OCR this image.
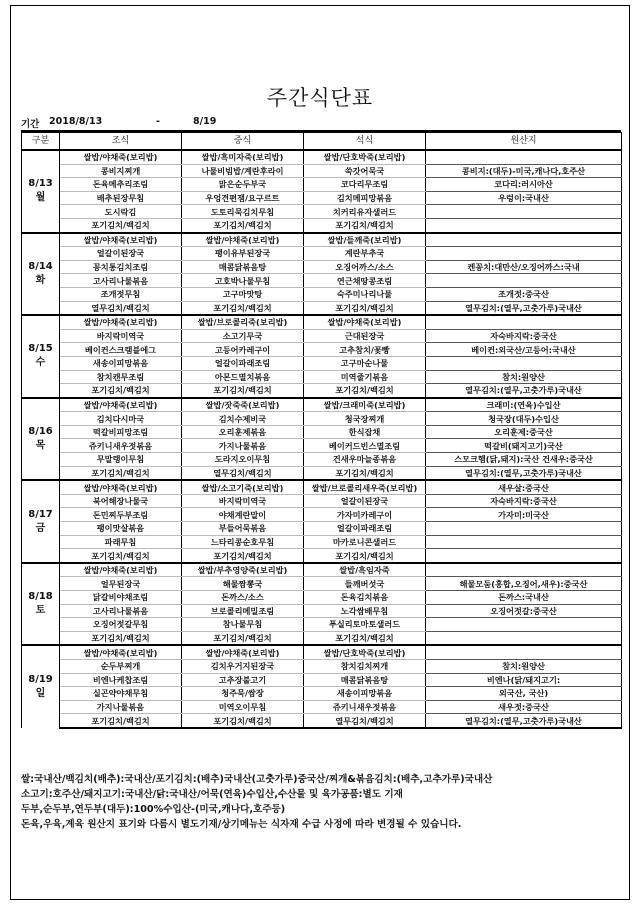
주간식단표
기간 2018/8/13	-	8/19
구분	조식	중식	석식	원산지

8/13
월	쌀밥/야채죽(보리밥)	쌀밥/흑미자죽(보리밥)	쌀밥/단호박죽(보리밥)	
	콩비지찌개	나물비빔밥/계란후라이	쑥갓어묵국	콩비지:(대두)-미국,캐나다,호주산
	돈육메추리조림	맑은순두부국	코다리무조림	코다리:러시아산
	배추된장무침	우엉견편잼/요구르트	김치메피망볶음	우렁이:국내산
	도시락김	도토리묵김치무침	치커리유자샐러드	
	포기김치/백김치	포기김치/백김치	포기김치/백김치	

8/14
화	쌀밥/야채죽(보리밥)	쌀밥/야채죽(보리밥)	쌀밥/들깨죽(보리밥)	
	얼갈이된장국	팽이유부된장국	계란부추국	
	꽁치통김치조림	매콤닭볶음탕	오징어까스/소스	켄꽁치:대만산/오징어까스:국내
	고사리나물볶음	고호박나물무침	연근채땅콩조림	
	조개젓무침	고구마맛탕	숙주미나리나물	조개젓:중국산
	열무김치/백김치	포기김치/백김치	포기김치/백김치	열무김치:(열무,고춧가루)국내산

8/15
수	쌀밥/야채죽(보리밥)	쌀밥/브로콜리죽(보리밥)	쌀밥/야채죽(보리밥)	
	바지락미역국	소고기무국	근대된장국	자숙바지락:중국산
	베이컨스크램블에그	고등어카레구이	고추참치/꽃빵	베이컨:외국산/고등어:국내산
	새송이피망볶음	얼갈이파래조림	고구마순나물	
	참치캔무조림	아몬드멸치볶음	미역줄기볶음	참치:원양산
	포기김치/백김치	포기김치/백김치	포기김치/백김치	열무김치:(열무,고춧가루)국내산

8/16
목	쌀밥/야채죽(보리밥)	쌀밥/잣죽죽(보리밥)	쌀밥/크래미죽(보리밥)	크래미:(연육)수입산
	김치다시마국	김치수제비국	청국장찌개	청국장(대두)수입산
	떡갈비피망조림	오리훈제볶음	한식잡채	오리훈제:중국산
	쥬키니새우젓볶음	가지나물볶음	베이커드빈스멸조림	떡갈비(돼지고기)국산
	무말랭이무침	도라지오이무침	건새우마늘종볶음	스모크햄(닭,돼지):국산 건새우:중국산
	포기김치/백김치	열무김치/백김치	포기김치/백김치	열무김치:(열무,고춧가루)국내산

8/17
금	쌀밥/야채죽(보리밥)	쌀밥/소고기죽(보리밥)	쌀밥/브로콜리새우죽(보리밥)	새우살:중국산
	북어해장나물국	바지락미역국	얼갈이된장국	자숙바지락:중국산
	돈민찌두부조림	야채계란말이	가자미카레구이	가자미:미국산
	팽이맛살볶음	부들어묵볶음	얼갈이파래조림	
	파래무침	느타리콩순호무침	마카로니콘샐러드	
	포기김치/백김치	포기김치/백김치	포기김치/백김치	

8/18
토	쌀밥/야채죽(보리밥)	쌀밥/부추영양죽(보리밥)	쌀밥/흑임자죽	
	얼무된장국	해물짬뽕국	들깨버섯국	해물모둠(홍합,오징어,새우):중국산
	닭갈비야채조림	돈까스/소스	돈육김치볶음	돈까스:국내산
	고사리나물볶음	브로콜리메밀조림	노각쌈배무침	오징어젓갈:중국산
	오징어젓갈무침	참나물무침	푸실리토마토샐러드	
	포기김치/백김치	포기김치/백김치	포기김치/백김치	

8/19
일	쌀밥/야채죽(보리밥)	쌀밥/야채죽(보리밥)	쌀밥/단호박죽(보리밥)	
	순두부찌개	김치우거지된장국	참치김치찌개	참치:원양산
	비엔나케찹조림	고추장불고기	매콤닭볶음탕	비엔나(닭/돼지고기:
	실곤약야채무침	청주묵/쌈장	새송이피망볶음	외국산, 국산)
	가지나물볶음	미역오이무침	쥬키니새우젓볶음	새우젓:중국산
	포기김치/백김치	포기김치/백김치	열무김치/백김치	열무김치:(열무,고춧가루)국내산
쌀:국내산/백김치(배추):국내산/포기김치:(배추)국내산(고춧가루)중국산/찌개&볶음김치:(배추,고추가루)국내산
소고기:호주산/돼지고기:국내산/닭:국내산/어묵(연육)수입산,수산물 및 육가공품:별도 기재
두부,순두부,연두부(대두):100%수입산-(미국,캐나다,호주등)
돈육,우육,계육 원산지 표기와 다름시 별도기재/상기메뉴는 식자재 수급 사정에 따라 변경될 수 있습니다.
